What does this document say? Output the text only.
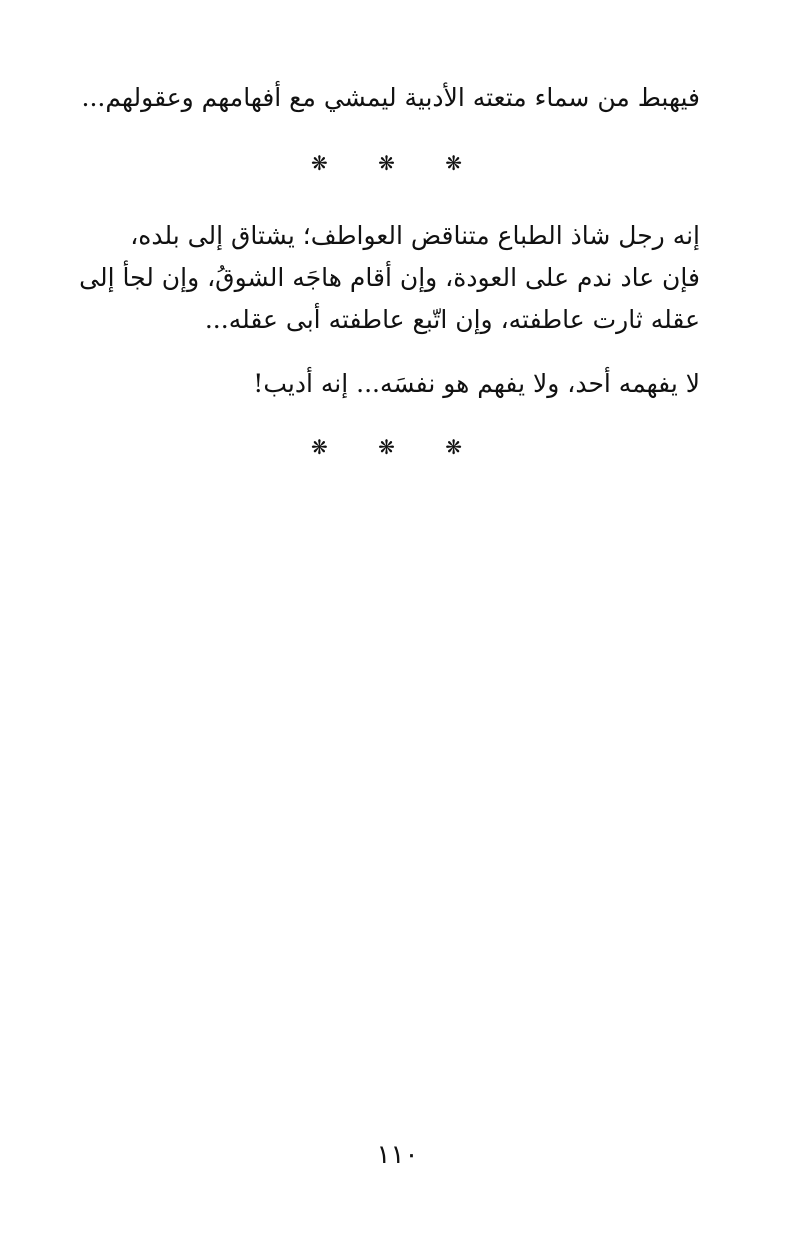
فيهبط من سماء متعته الأدبية ليمشي مع أفهامهم وعقولهم...
❋ ❋ ❋
إنه رجل شاذ الطباع متناقض العواطف؛ يشتاق إلى بلده،
فإن عاد ندم على العودة، وإن أقام هاجَه الشوقُ، وإن لجأ إلى
عقله ثارت عاطفته، وإن اتّبع عاطفته أبى عقله...
لا يفهمه أحد، ولا يفهم هو نفسَه... إنه أديب!
❋ ❋ ❋
١١٠
